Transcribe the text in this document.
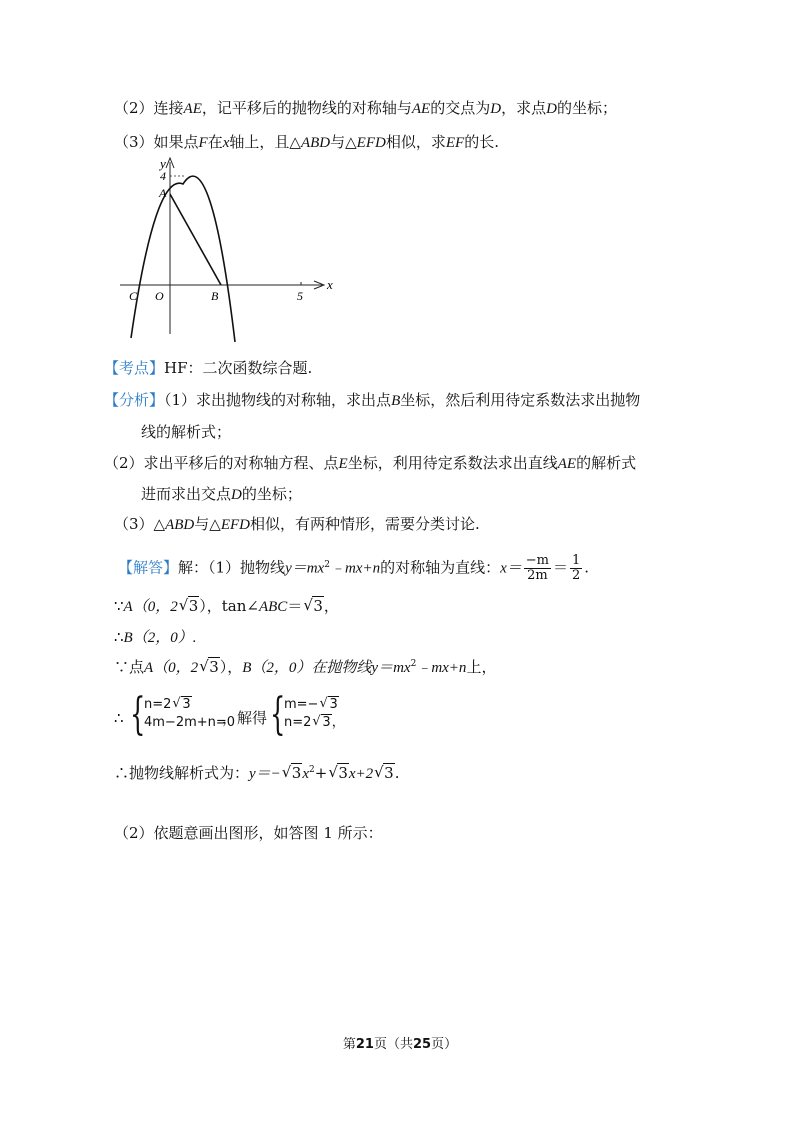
（2）连接AE，记平移后的抛物线的对称轴与AE的交点为D，求点D的坐标；
（3）如果点F在x轴上，且△ABD与△EFD相似，求EF的长.
y
x
4
A
C O	B	5
【考点】HF：二次函数综合题.
【分析】（1）求出抛物线的对称轴，求出点B坐标，然后利用待定系数法求出抛物
线的解析式；
（2）求出平移后的对称轴方程、点E坐标，利用待定系数法求出直线AE的解析式
进而求出交点D的坐标；
（3）△ABD与△EFD相似，有两种情形，需要分类讨论.
【解答】解：（1）抛物线$y=mx^2﹣mx+n$的对称轴为直线：$x= \frac{-m}{2m} = \frac{1}{2}$ .
∵A（0，2 √ 3），tan∠ABC＝ √ 3，
∴B（2，0）.
∵点A（0，2 √ 3），B（2，0）在抛物线$y=mx^2﹣mx+n$上，
∴ {
n=2 √ 3
4m−2m+n=0
，解得 {
m=− √ 3
n=2 √ 3，
∴抛物线解析式为：y＝− √ $3x^2+$ √ 3x+2 √ 3.
（2）依题意画出图形，如答图 1 所示：
第21页（共25页）
